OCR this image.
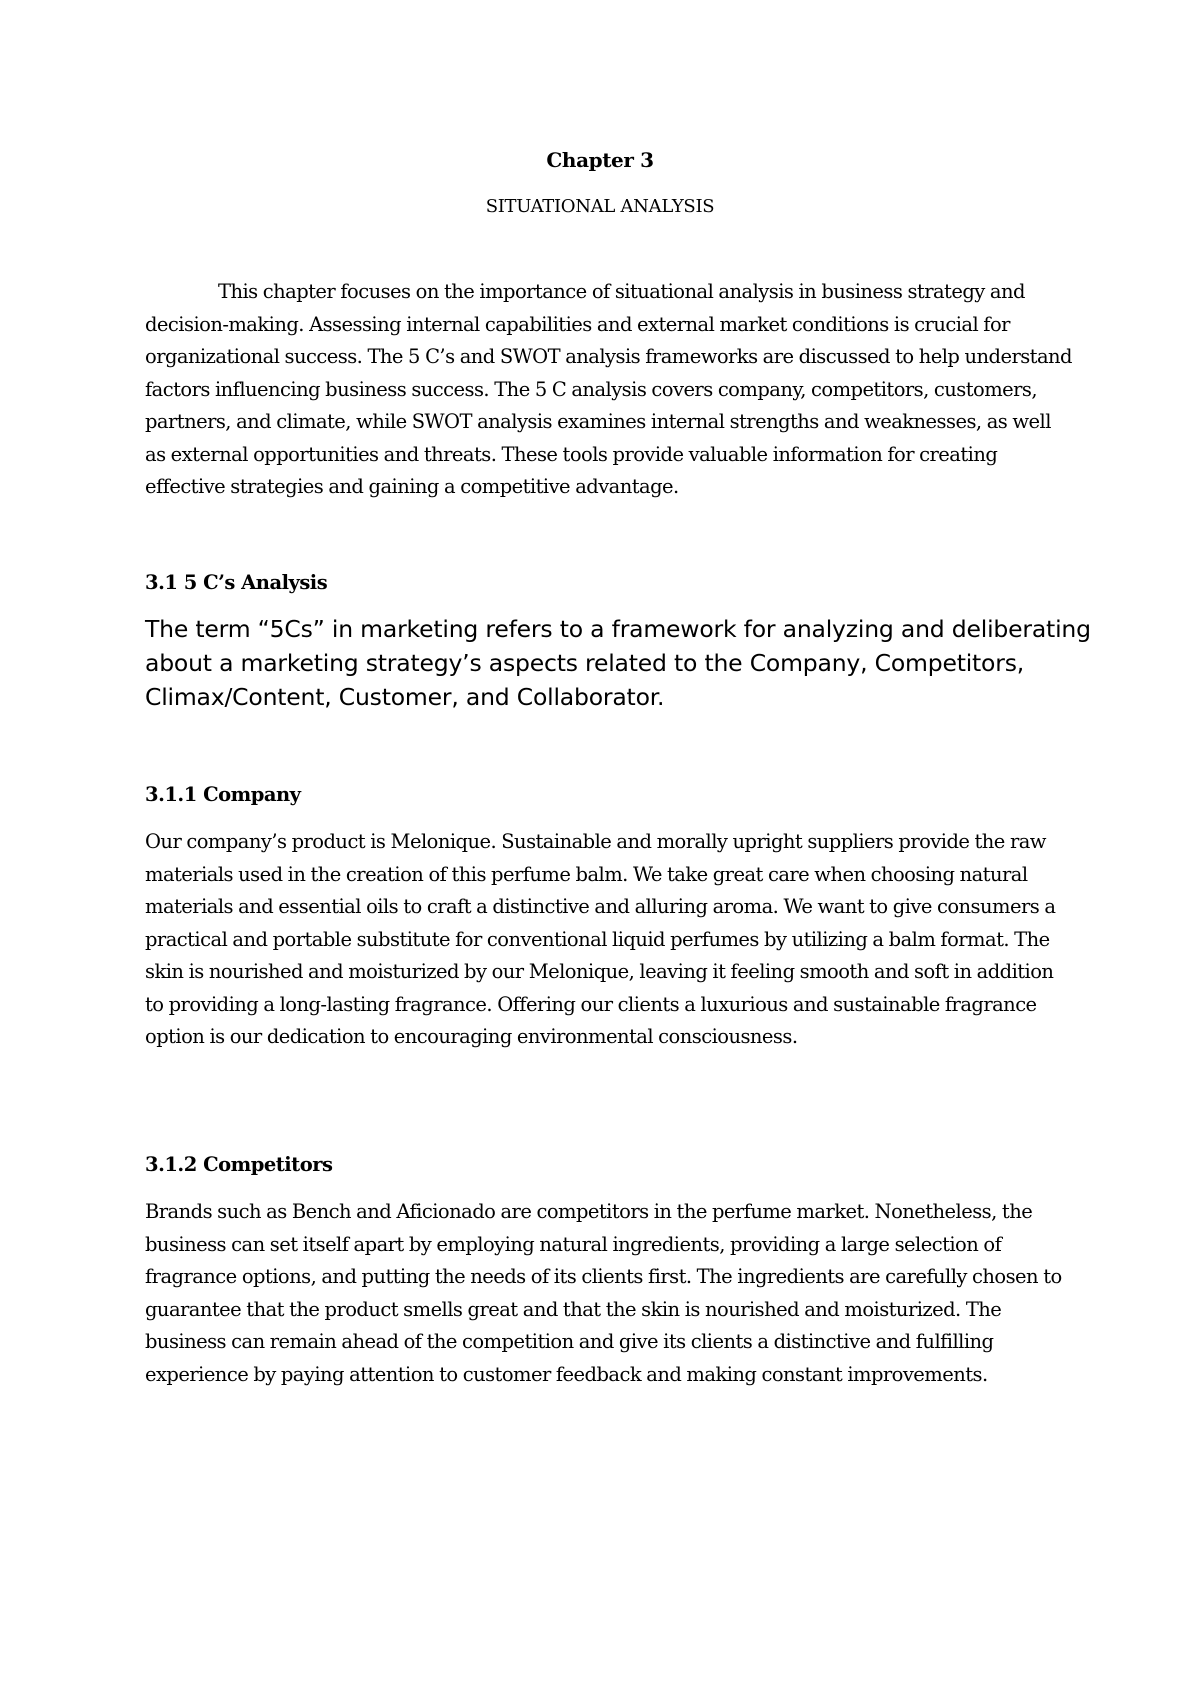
Chapter 3
SITUATIONAL ANALYSIS

This chapter focuses on the importance of situational analysis in business strategy and decision-making. Assessing internal capabilities and external market conditions is crucial for organizational success. The 5 C’s and SWOT analysis frameworks are discussed to help understand factors influencing business success. The 5 C analysis covers company, competitors, customers, partners, and climate, while SWOT analysis examines internal strengths and weaknesses, as well as external opportunities and threats. These tools provide valuable information for creating effective strategies and gaining a competitive advantage.

3.1 5 C’s Analysis

The term “5Cs” in marketing refers to a framework for analyzing and deliberating about a marketing strategy’s aspects related to the Company, Competitors, Climax/Content, Customer, and Collaborator.

3.1.1 Company

Our company’s product is Melonique. Sustainable and morally upright suppliers provide the raw materials used in the creation of this perfume balm. We take great care when choosing natural materials and essential oils to craft a distinctive and alluring aroma. We want to give consumers a practical and portable substitute for conventional liquid perfumes by utilizing a balm format. The skin is nourished and moisturized by our Melonique, leaving it feeling smooth and soft in addition to providing a long-lasting fragrance. Offering our clients a luxurious and sustainable fragrance option is our dedication to encouraging environmental consciousness.

3.1.2 Competitors

Brands such as Bench and Aficionado are competitors in the perfume market. Nonetheless, the business can set itself apart by employing natural ingredients, providing a large selection of fragrance options, and putting the needs of its clients first. The ingredients are carefully chosen to guarantee that the product smells great and that the skin is nourished and moisturized. The business can remain ahead of the competition and give its clients a distinctive and fulfilling experience by paying attention to customer feedback and making constant improvements.
